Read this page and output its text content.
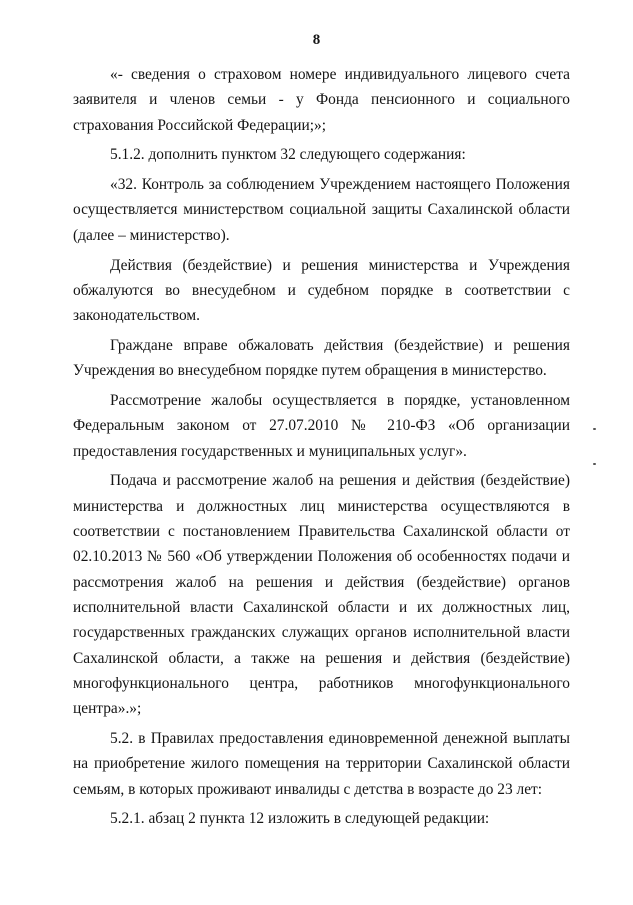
8

«- сведения о страховом номере индивидуального лицевого счета заявителя и членов семьи - у Фонда пенсионного и социального страхования Российской Федерации;»;

5.1.2. дополнить пунктом 32 следующего содержания:

«32. Контроль за соблюдением Учреждением настоящего Положения осуществляется министерством социальной защиты Сахалинской области (далее – министерство).

Действия (бездействие) и решения министерства и Учреждения обжалуются во внесудебном и судебном порядке в соответствии с законодательством.

Граждане вправе обжаловать действия (бездействие) и решения Учреждения во внесудебном порядке путем обращения в министерство.

Рассмотрение жалобы осуществляется в порядке, установленном Федеральным законом от 27.07.2010 № 210-ФЗ «Об организации предоставления государственных и муниципальных услуг».

Подача и рассмотрение жалоб на решения и действия (бездействие) министерства и должностных лиц министерства осуществляются в соответствии с постановлением Правительства Сахалинской области от 02.10.2013 № 560 «Об утверждении Положения об особенностях подачи и рассмотрения жалоб на решения и действия (бездействие) органов исполнительной власти Сахалинской области и их должностных лиц, государственных гражданских служащих органов исполнительной власти Сахалинской области, а также на решения и действия (бездействие) многофункционального центра, работников многофункционального центра».»;

5.2. в Правилах предоставления единовременной денежной выплаты на приобретение жилого помещения на территории Сахалинской области семьям, в которых проживают инвалиды с детства в возрасте до 23 лет:

5.2.1. абзац 2 пункта 12 изложить в следующей редакции:
